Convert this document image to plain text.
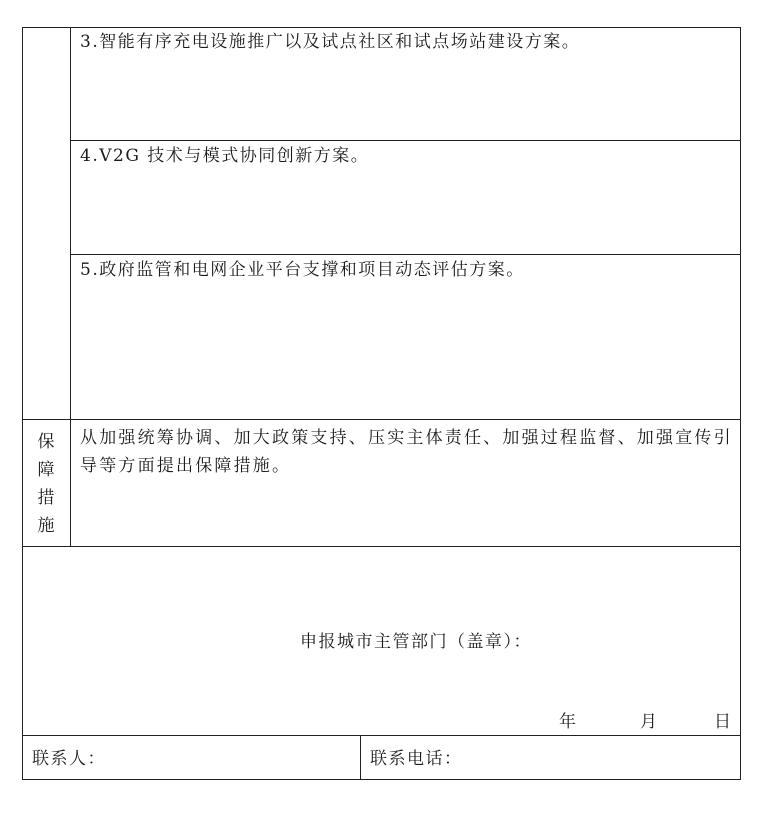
3.智能有序充电设施推广以及试点社区和试点场站建设方案。
4.V2G 技术与模式协同创新方案。
5.政府监管和电网企业平台支撑和项目动态评估方案。
保
障
措
施
从加强统筹协调、加大政策支持、压实主体责任、加强过程监督、加强宣传引导等方面提出保障措施。
申报城市主管部门（盖章）：
年	月	日
联系人：	联系电话：
